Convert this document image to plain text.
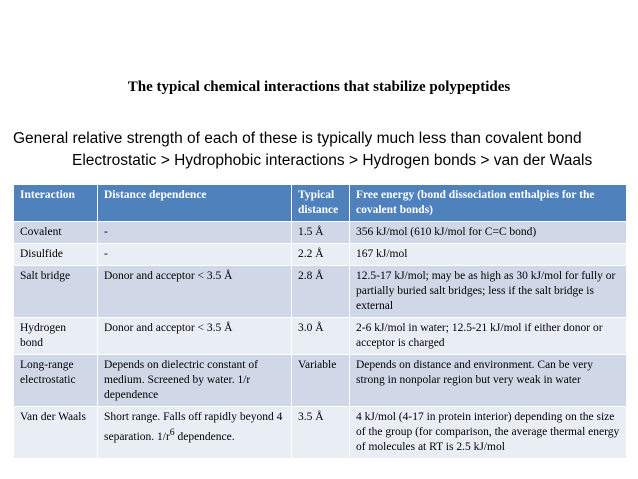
The typical chemical interactions that stabilize polypeptides
General relative strength of each of these is typically much less than covalent bond
Electrostatic > Hydrophobic interactions > Hydrogen bonds > van der Waals
Interaction	Distance dependence	Typical distance	Free energy (bond dissociation enthalpies for the covalent bonds)
Covalent	-	1.5 Å	356 kJ/mol (610 kJ/mol for C=C bond)
Disulfide	-	2.2 Å	167 kJ/mol
Salt bridge	Donor and acceptor < 3.5 Å	2.8 Å	12.5-17 kJ/mol; may be as high as 30 kJ/mol for fully or partially buried salt bridges; less if the salt bridge is external
Hydrogen bond	Donor and acceptor < 3.5 Å	3.0 Å	2-6 kJ/mol in water; 12.5-21 kJ/mol if either donor or acceptor is charged
Long-range electrostatic	Depends on dielectric constant of medium. Screened by water. 1/r dependence	Variable	Depends on distance and environment. Can be very strong in nonpolar region but very weak in water
Van der Waals	Short range. Falls off rapidly beyond 4 separation. $1/r^6$ dependence.	3.5 Å	4 kJ/mol (4-17 in protein interior) depending on the size of the group (for comparison, the average thermal energy of molecules at RT is 2.5 kJ/mol
